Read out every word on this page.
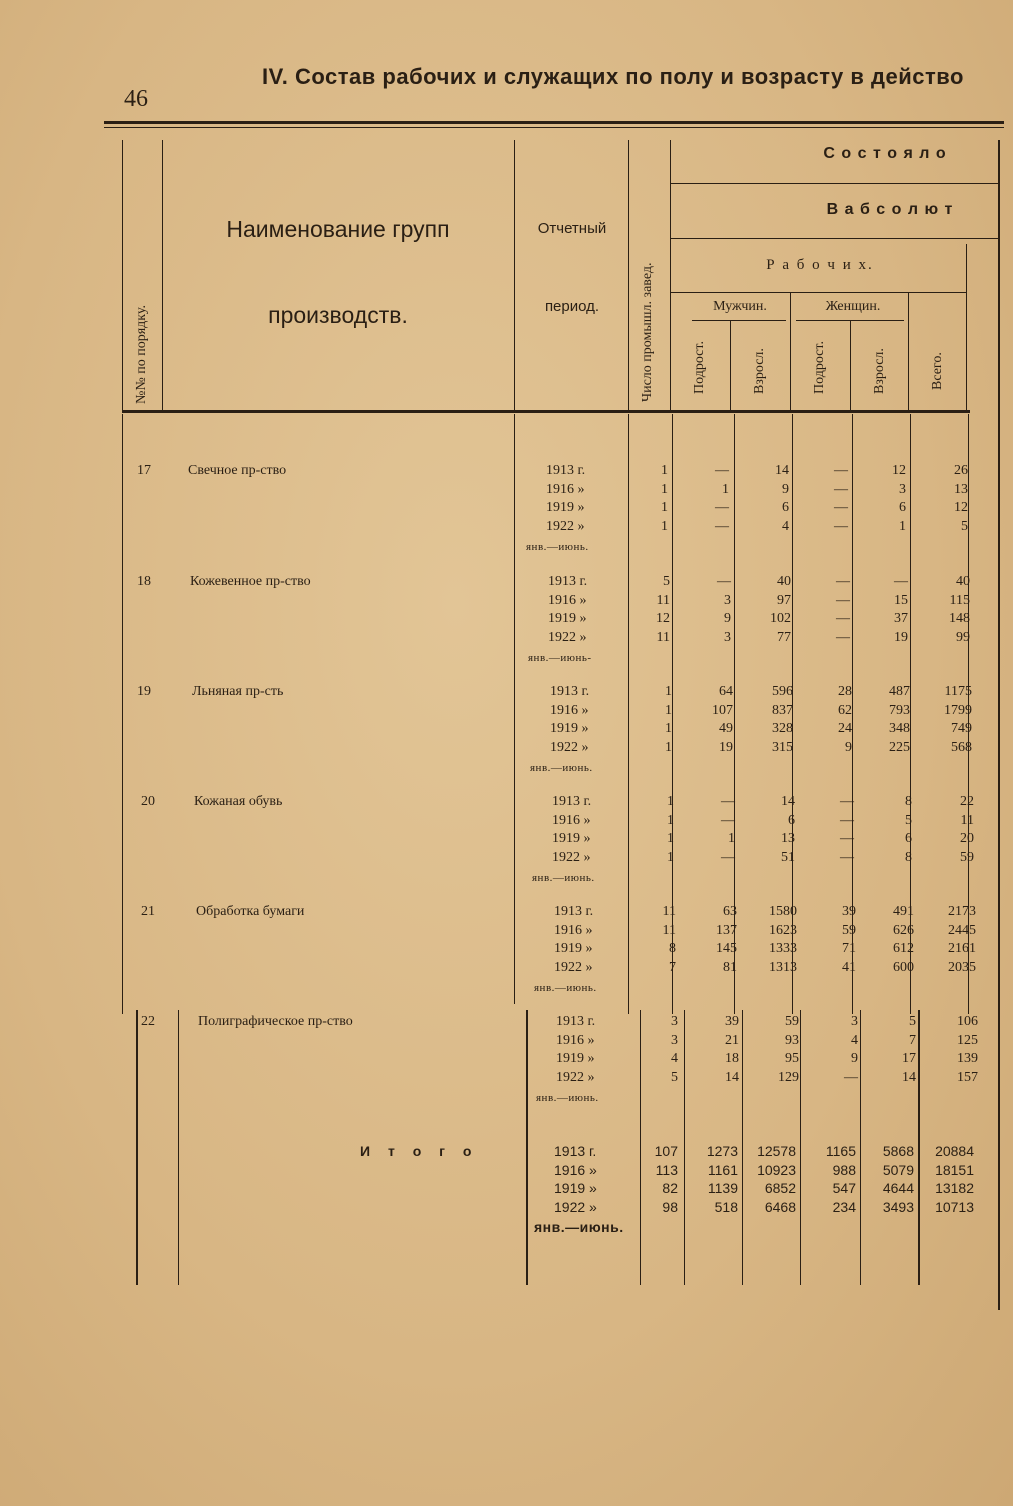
46
IV. Состав рабочих и служащих по полу и возрасту в действо
№№ по порядку.
Наименование групп
производств.
Отчетный
период.	Число промышл. завед.
С о с т о я л о
В а б с о л ю т
Р а б о ч и х.
Мужчин.	Женщин.
Подрост.	Взросл.	Подрост.	Взросл.	Всего.
17	Свечное пр-ство	1913 г.	1	—	14	—	12	26
1916 »	1	1	9	—	3	13
1919 »	1	—	6	—	6	12
1922 »	1	—	4	—	1	5
янв.—июнь.
18	Кожевенное пр-ство	1913 г.	5	—	40	—	—	40
1916 »	11	3	97	—	15	115
1919 »	12	9	102	—	37	148
1922 »	11	3	77	—	19	99
янв.—июнь-
19	Льняная пр-сть	1913 г.	1	64	596	28	487	1175
1916 »	1	107	837	62	793	1799
1919 »	1	49	328	24	348	749
1922 »	1	19	315	9	225	568
янв.—июнь.
20	Кожаная обувь	1913 г.	1	—	14	—	8	22
1916 »	1	—	6	—	5	11
1919 »	1	1	13	—	6	20
1922 »	1	—	51	—	8	59
янв.—июнь.
21	Обработка бумаги	1913 г.	11	63	1580	39	491	2173
1916 »	11	137	1623	59	626	2445
1919 »	8	145	1333	71	612	2161
1922 »	7	81	1313	41	600	2035
янв.—июнь.
22	Полиграфическое пр-ство	1913 г.	3	39	59	3	5	106
1916 »	3	21	93	4	7	125
1919 »	4	18	95	9	17	139
1922 »	5	14	129	—	14	157
янв.—июнь.
И т о г о	1913 г.	107	1273	12578	1165	5868	20884
1916 »	113	1161	10923	988	5079	18151
1919 »	82	1139	6852	547	4644	13182
1922 »	98	518	6468	234	3493	10713
янв.—июнь.
